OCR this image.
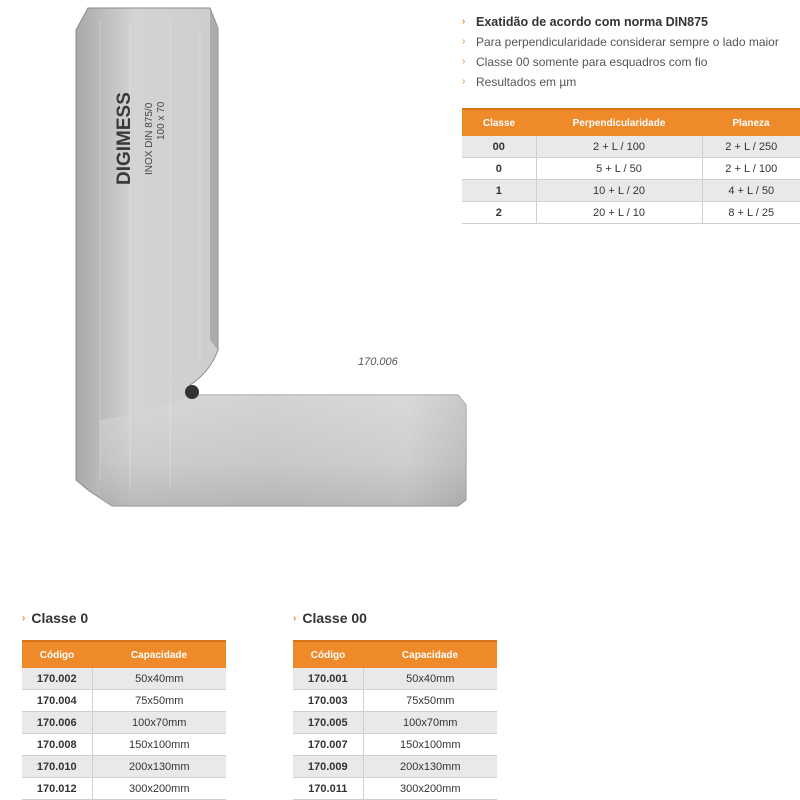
DIGIMESS INOX DIN 875/0 100 x 70
170.006
› Exatidão de acordo com norma DIN875
› Para perpendicularidade considerar sempre o lado maior
› Classe 00 somente para esquadros com fio
› Resultados em µm
Classe	Perpendicularidade	Planeza
00	2 + L / 100	2 + L / 250
0	5 + L / 50	2 + L / 100
1	10 + L / 20	4 + L / 50
2	20 + L / 10	8 + L / 25
› Classe 0
Código	Capacidade
170.002	50x40mm
170.004	75x50mm
170.006	100x70mm
170.008	150x100mm
170.010	200x130mm
170.012	300x200mm
› Classe 00
Código	Capacidade
170.001	50x40mm
170.003	75x50mm
170.005	100x70mm
170.007	150x100mm
170.009	200x130mm
170.011	300x200mm
